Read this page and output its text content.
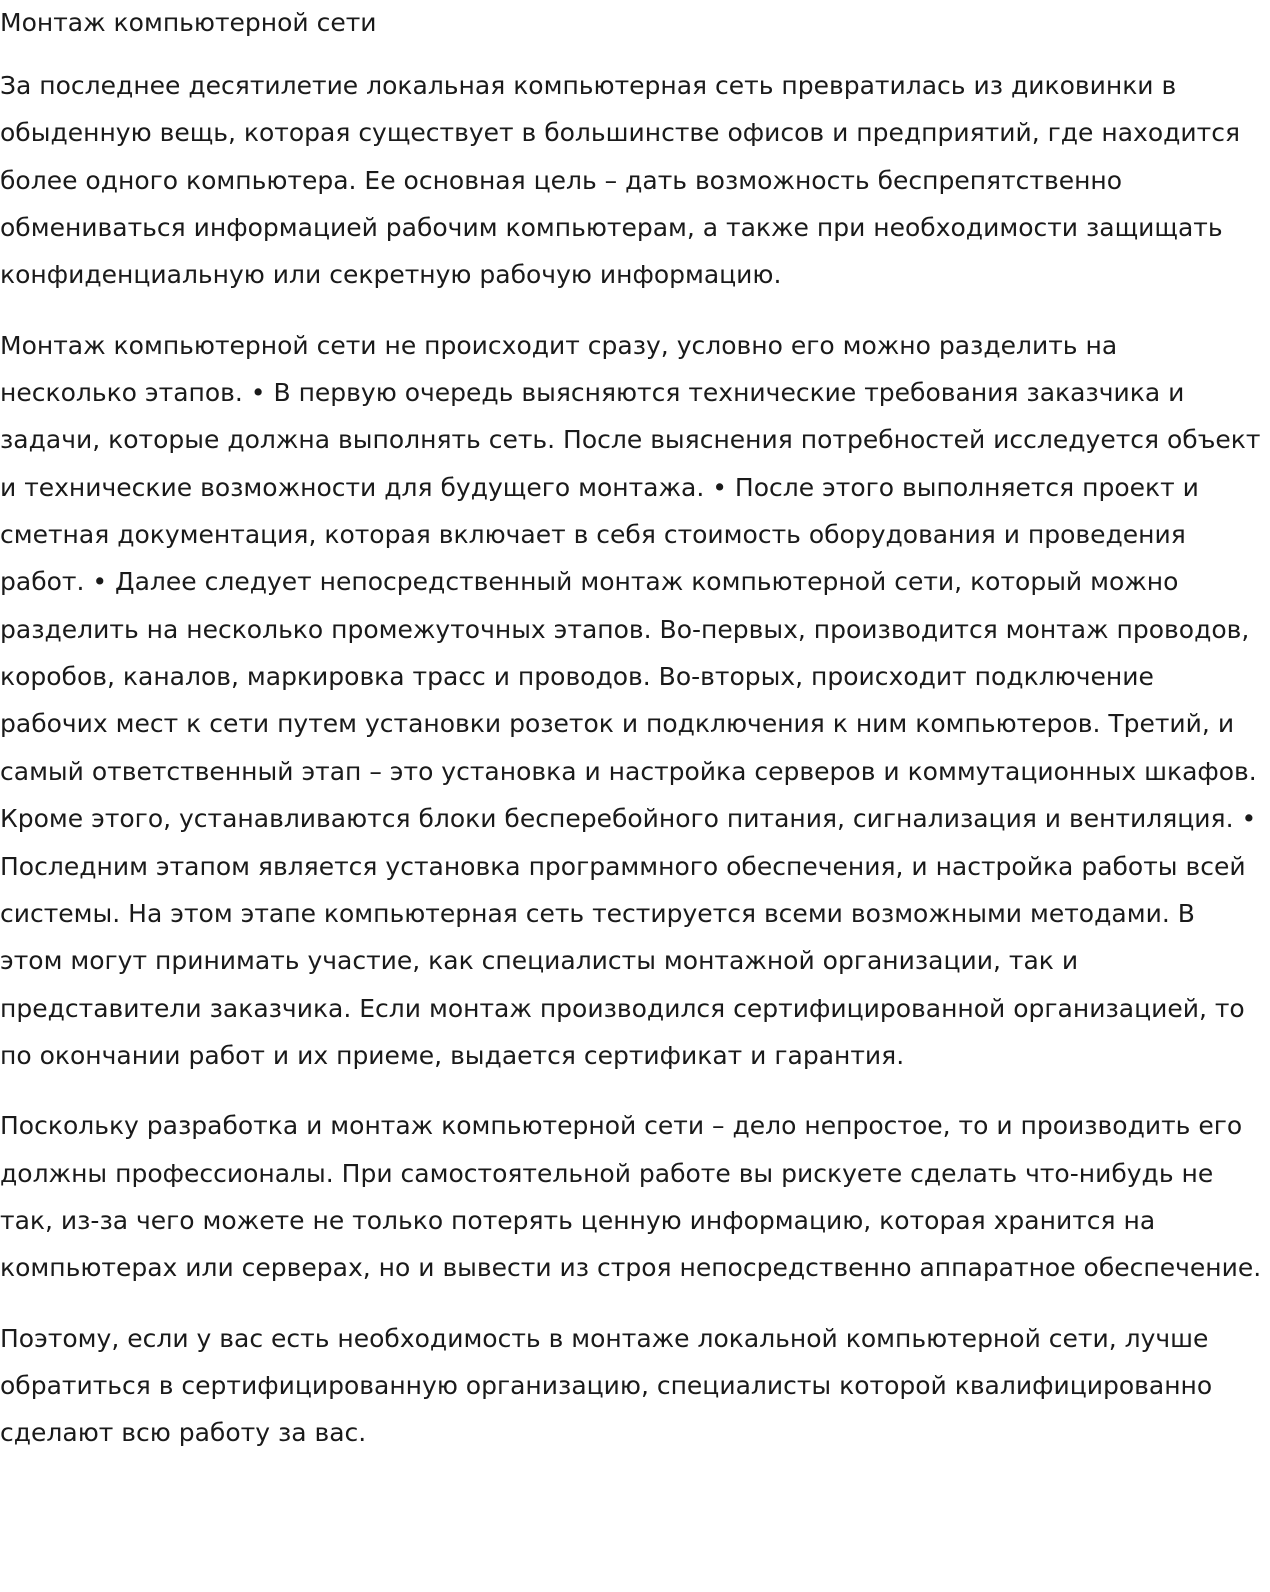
Монтаж компьютерной сети

За последнее десятилетие локальная компьютерная сеть превратилась из диковинки в обыденную вещь, которая существует в большинстве офисов и предприятий, где находится более одного компьютера. Ее основная цель – дать возможность беспрепятственно обмениваться информацией рабочим компьютерам, а также при необходимости защищать конфиденциальную или секретную рабочую информацию.

Монтаж компьютерной сети не происходит сразу, условно его можно разделить на несколько этапов. • В первую очередь выясняются технические требования заказчика и задачи, которые должна выполнять сеть. После выяснения потребностей исследуется объект и технические возможности для будущего монтажа. • После этого выполняется проект и сметная документация, которая включает в себя стоимость оборудования и проведения работ. • Далее следует непосредственный монтаж компьютерной сети, который можно разделить на несколько промежуточных этапов. Во-первых, производится монтаж проводов, коробов, каналов, маркировка трасс и проводов. Во-вторых, происходит подключение рабочих мест к сети путем установки розеток и подключения к ним компьютеров. Третий, и самый ответственный этап – это установка и настройка серверов и коммутационных шкафов. Кроме этого, устанавливаются блоки бесперебойного питания, сигнализация и вентиляция. • Последним этапом является установка программного обеспечения, и настройка работы всей системы. На этом этапе компьютерная сеть тестируется всеми возможными методами. В этом могут принимать участие, как специалисты монтажной организации, так и представители заказчика. Если монтаж производился сертифицированной организацией, то по окончании работ и их приеме, выдается сертификат и гарантия.

Поскольку разработка и монтаж компьютерной сети – дело непростое, то и производить его должны профессионалы. При самостоятельной работе вы рискуете сделать что-нибудь не так, из-за чего можете не только потерять ценную информацию, которая хранится на компьютерах или серверах, но и вывести из строя непосредственно аппаратное обеспечение.

Поэтому, если у вас есть необходимость в монтаже локальной компьютерной сети, лучше обратиться в сертифицированную организацию, специалисты которой квалифицированно сделают всю работу за вас.
